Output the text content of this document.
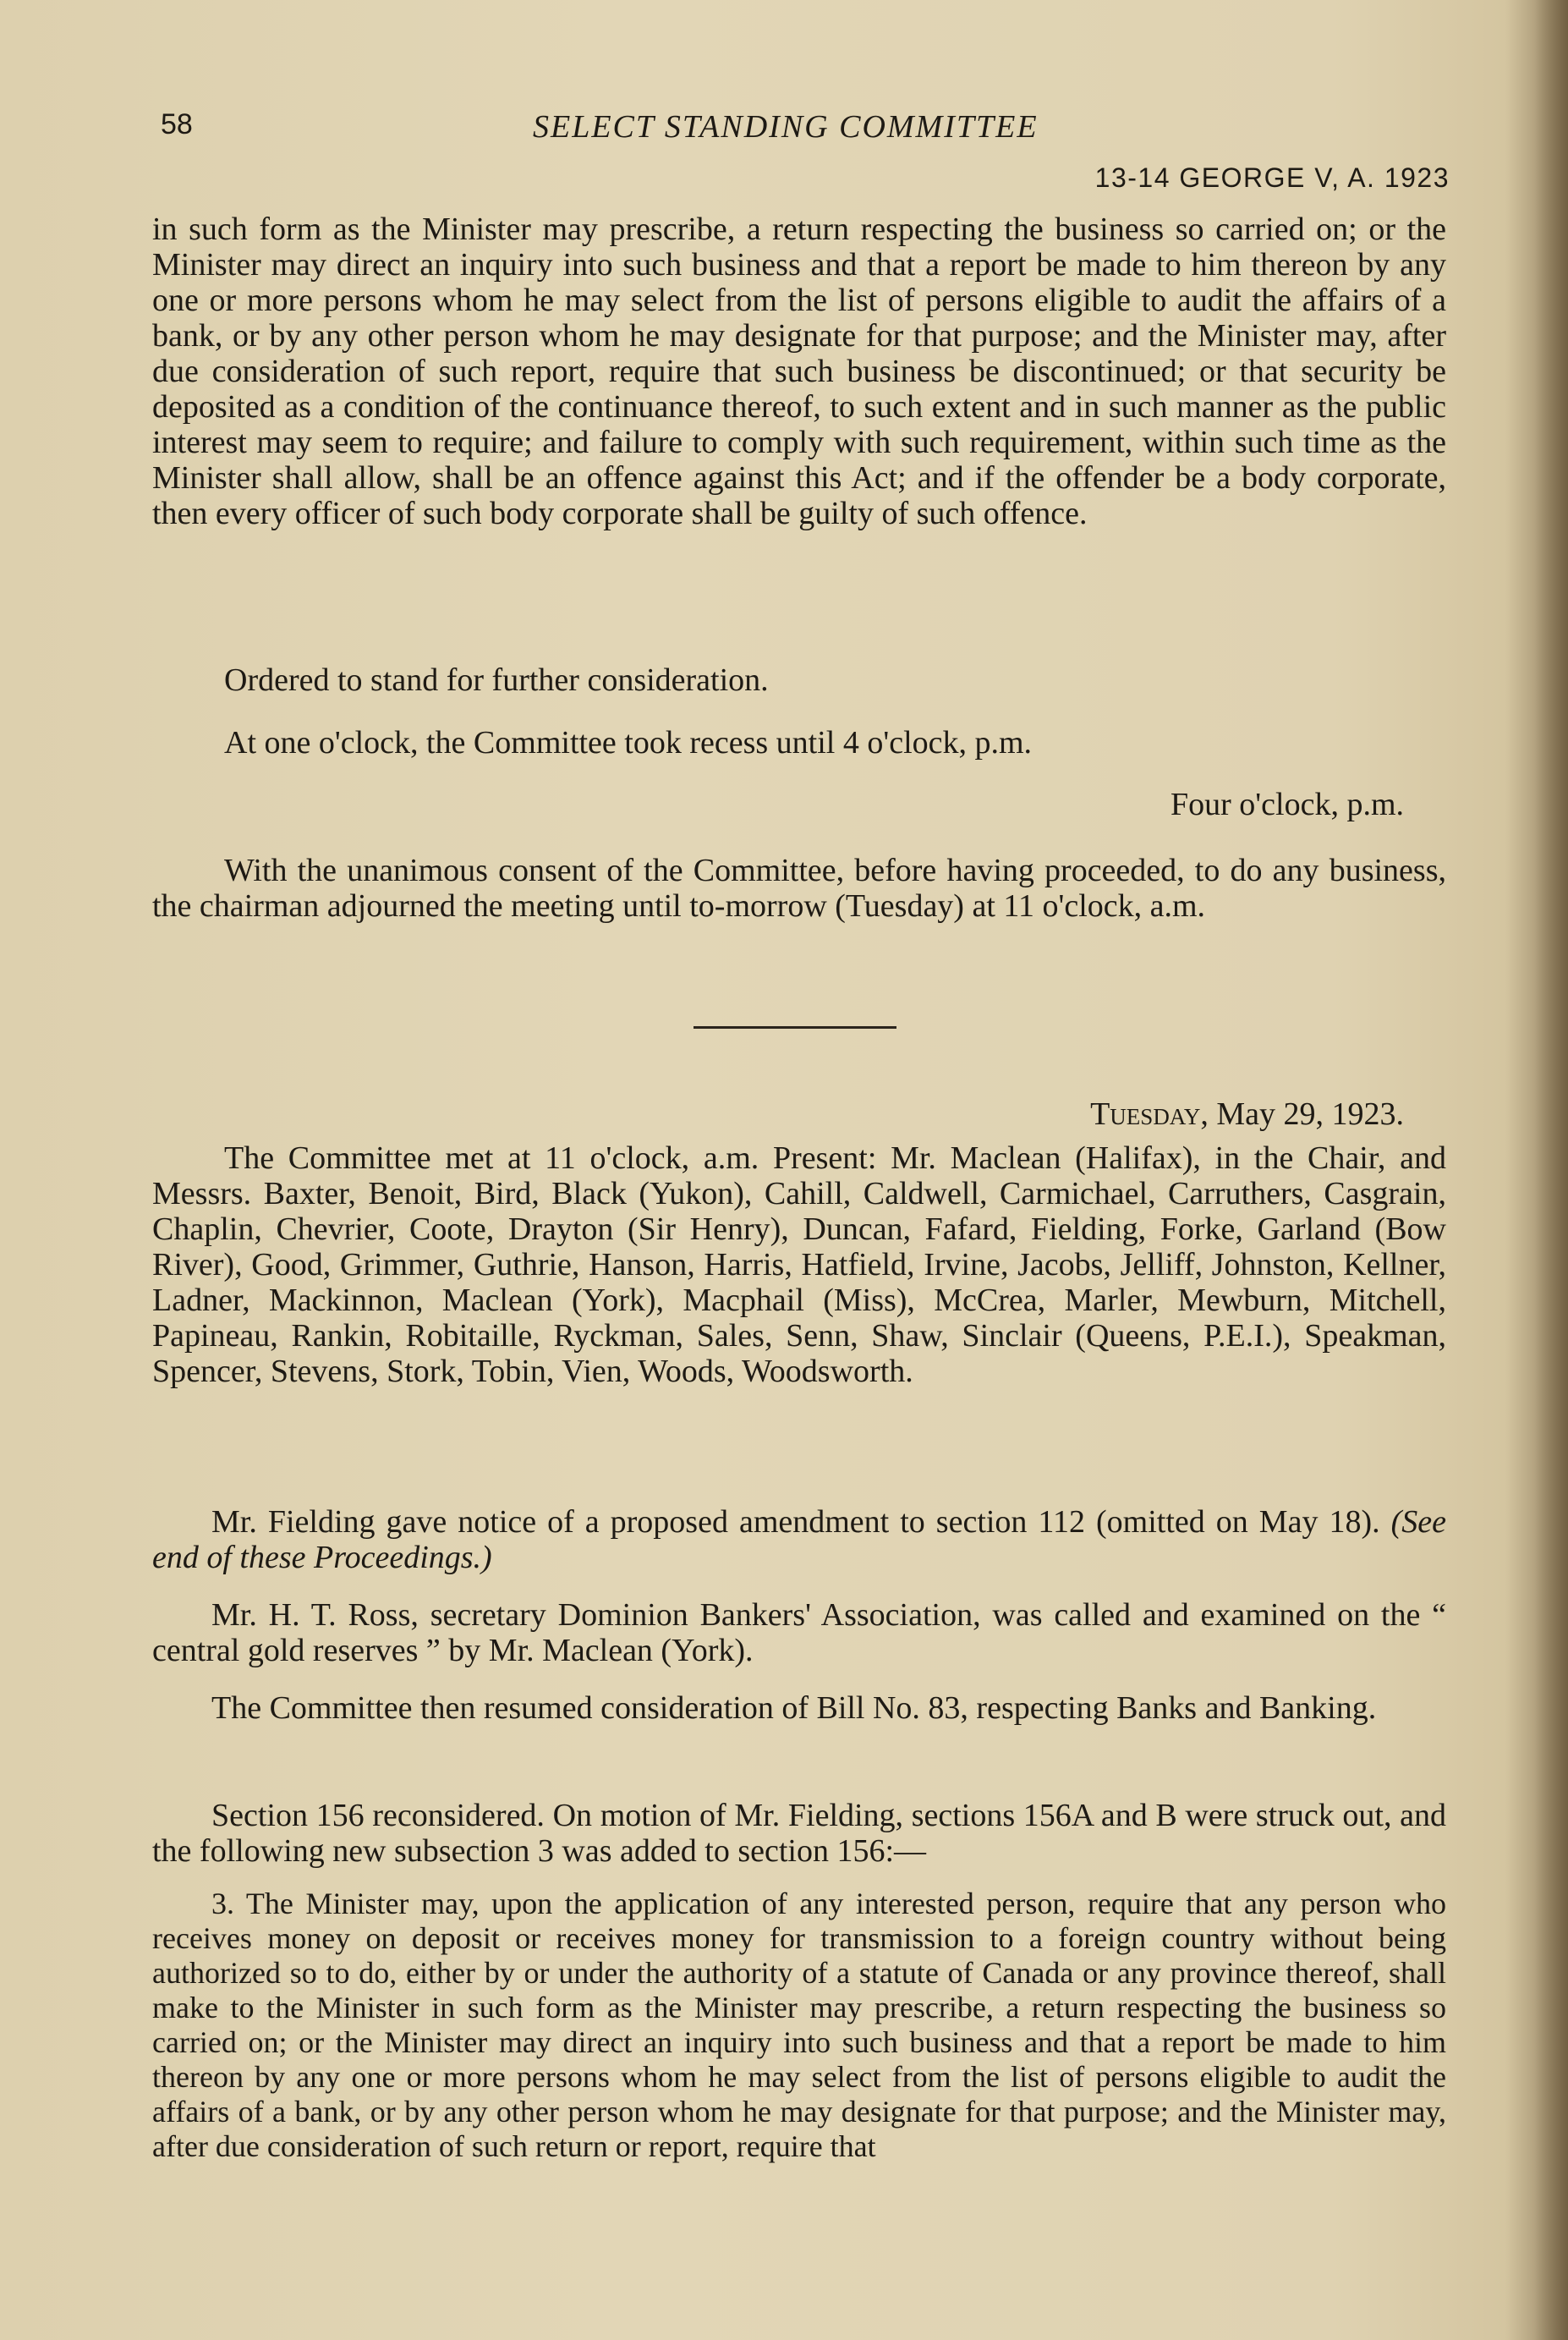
58	SELECT STANDING COMMITTEE
13-14 GEORGE V, A. 1923
in such form as the Minister may prescribe, a return respecting the business so carried on; or the Minister may direct an inquiry into such business and that a report be made to him thereon by any one or more persons whom he may select from the list of persons eligible to audit the affairs of a bank, or by any other person whom he may designate for that purpose; and the Minister may, after due consideration of such report, require that such business be discontinued; or that security be deposited as a condition of the continuance thereof, to such extent and in such manner as the public interest may seem to require; and failure to comply with such requirement, within such time as the Minister shall allow, shall be an offence against this Act; and if the offender be a body corporate, then every officer of such body corporate shall be guilty of such offence.
Ordered to stand for further consideration.
At one o'clock, the Committee took recess until 4 o'clock, p.m.
Four o'clock, p.m.
With the unanimous consent of the Committee, before having proceeded, to do any business, the chairman adjourned the meeting until to-morrow (Tuesday) at 11 o'clock, a.m.
Tuesday, May 29, 1923.
The Committee met at 11 o'clock, a.m. Present: Mr. Maclean (Halifax), in the Chair, and Messrs. Baxter, Benoit, Bird, Black (Yukon), Cahill, Caldwell, Carmichael, Carruthers, Casgrain, Chaplin, Chevrier, Coote, Drayton (Sir Henry), Duncan, Fafard, Fielding, Forke, Garland (Bow River), Good, Grimmer, Guthrie, Hanson, Harris, Hatfield, Irvine, Jacobs, Jelliff, Johnston, Kellner, Ladner, Mackinnon, Maclean (York), Macphail (Miss), McCrea, Marler, Mewburn, Mitchell, Papineau, Rankin, Robitaille, Ryckman, Sales, Senn, Shaw, Sinclair (Queens, P.E.I.), Speakman, Spencer, Stevens, Stork, Tobin, Vien, Woods, Woodsworth.
Mr. Fielding gave notice of a proposed amendment to section 112 (omitted on May 18). (See end of these Proceedings.)
Mr. H. T. Ross, secretary Dominion Bankers' Association, was called and examined on the “ central gold reserves ” by Mr. Maclean (York).
The Committee then resumed consideration of Bill No. 83, respecting Banks and Banking.
Section 156 reconsidered. On motion of Mr. Fielding, sections 156A and B were struck out, and the following new subsection 3 was added to section 156:—
3. The Minister may, upon the application of any interested person, require that any person who receives money on deposit or receives money for transmission to a foreign country without being authorized so to do, either by or under the authority of a statute of Canada or any province thereof, shall make to the Minister in such form as the Minister may prescribe, a return respecting the business so carried on; or the Minister may direct an inquiry into such business and that a report be made to him thereon by any one or more persons whom he may select from the list of persons eligible to audit the affairs of a bank, or by any other person whom he may designate for that purpose; and the Minister may, after due consideration of such return or report, require that
